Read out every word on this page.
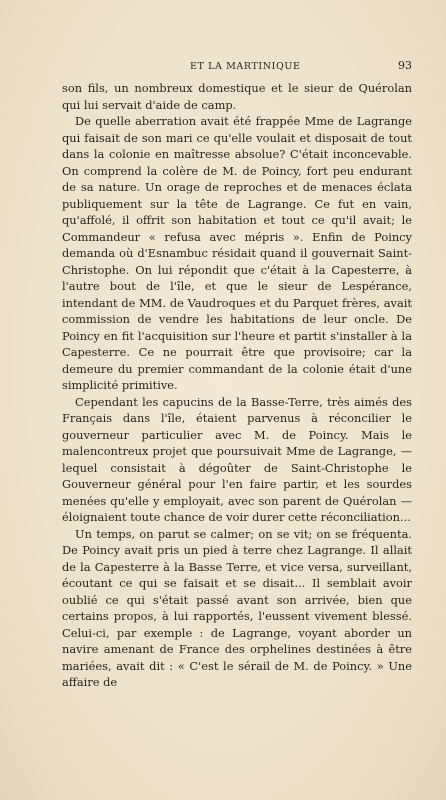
ET LA MARTINIQUE	93

son fils, un nombreux domestique et le sieur de Quérolan qui lui servait d'aide de camp.

De quelle aberration avait été frappée Mme de Lagrange qui faisait de son mari ce qu'elle voulait et disposait de tout dans la colonie en maîtresse absolue? C'était inconcevable. On comprend la colère de M. de Poincy, fort peu endurant de sa nature. Un orage de reproches et de menaces éclata publiquement sur la tête de Lagrange. Ce fut en vain, qu'affolé, il offrit son habitation et tout ce qu'il avait; le Commandeur « refusa avec mépris ». Enfin de Poincy demanda où d'Esnambuc résidait quand il gouvernait Saint-Christophe. On lui répondit que c'était à la Capesterre, à l'autre bout de l'île, et que le sieur de Lespérance, intendant de MM. de Vaudroques et du Parquet frères, avait commission de vendre les habitations de leur oncle. De Poincy en fit l'acquisition sur l'heure et partit s'installer à la Capesterre. Ce ne pourrait être que provisoire; car la demeure du premier commandant de la colonie était d'une simplicité primitive.

Cependant les capucins de la Basse-Terre, très aimés des Français dans l'île, étaient parvenus à réconcilier le gouverneur particulier avec M. de Poincy. Mais le malencontreux projet que poursuivait Mme de Lagrange, — lequel consistait à dégoûter de Saint-Christophe le Gouverneur général pour l'en faire partir, et les sourdes menées qu'elle y employait, avec son parent de Quérolan — éloignaient toute chance de voir durer cette réconciliation...

Un temps, on parut se calmer; on se vit; on se fréquenta. De Poincy avait pris un pied à terre chez Lagrange. Il allait de la Capesterre à la Basse Terre, et vice versa, surveillant, écoutant ce qui se faisait et se disait... Il semblait avoir oublié ce qui s'était passé avant son arrivée, bien que certains propos, à lui rapportés, l'eussent vivement blessé. Celui-ci, par exemple : de Lagrange, voyant aborder un navire amenant de France des orphelines destinées à être mariées, avait dit : « C'est le sérail de M. de Poincy. » Une affaire de
